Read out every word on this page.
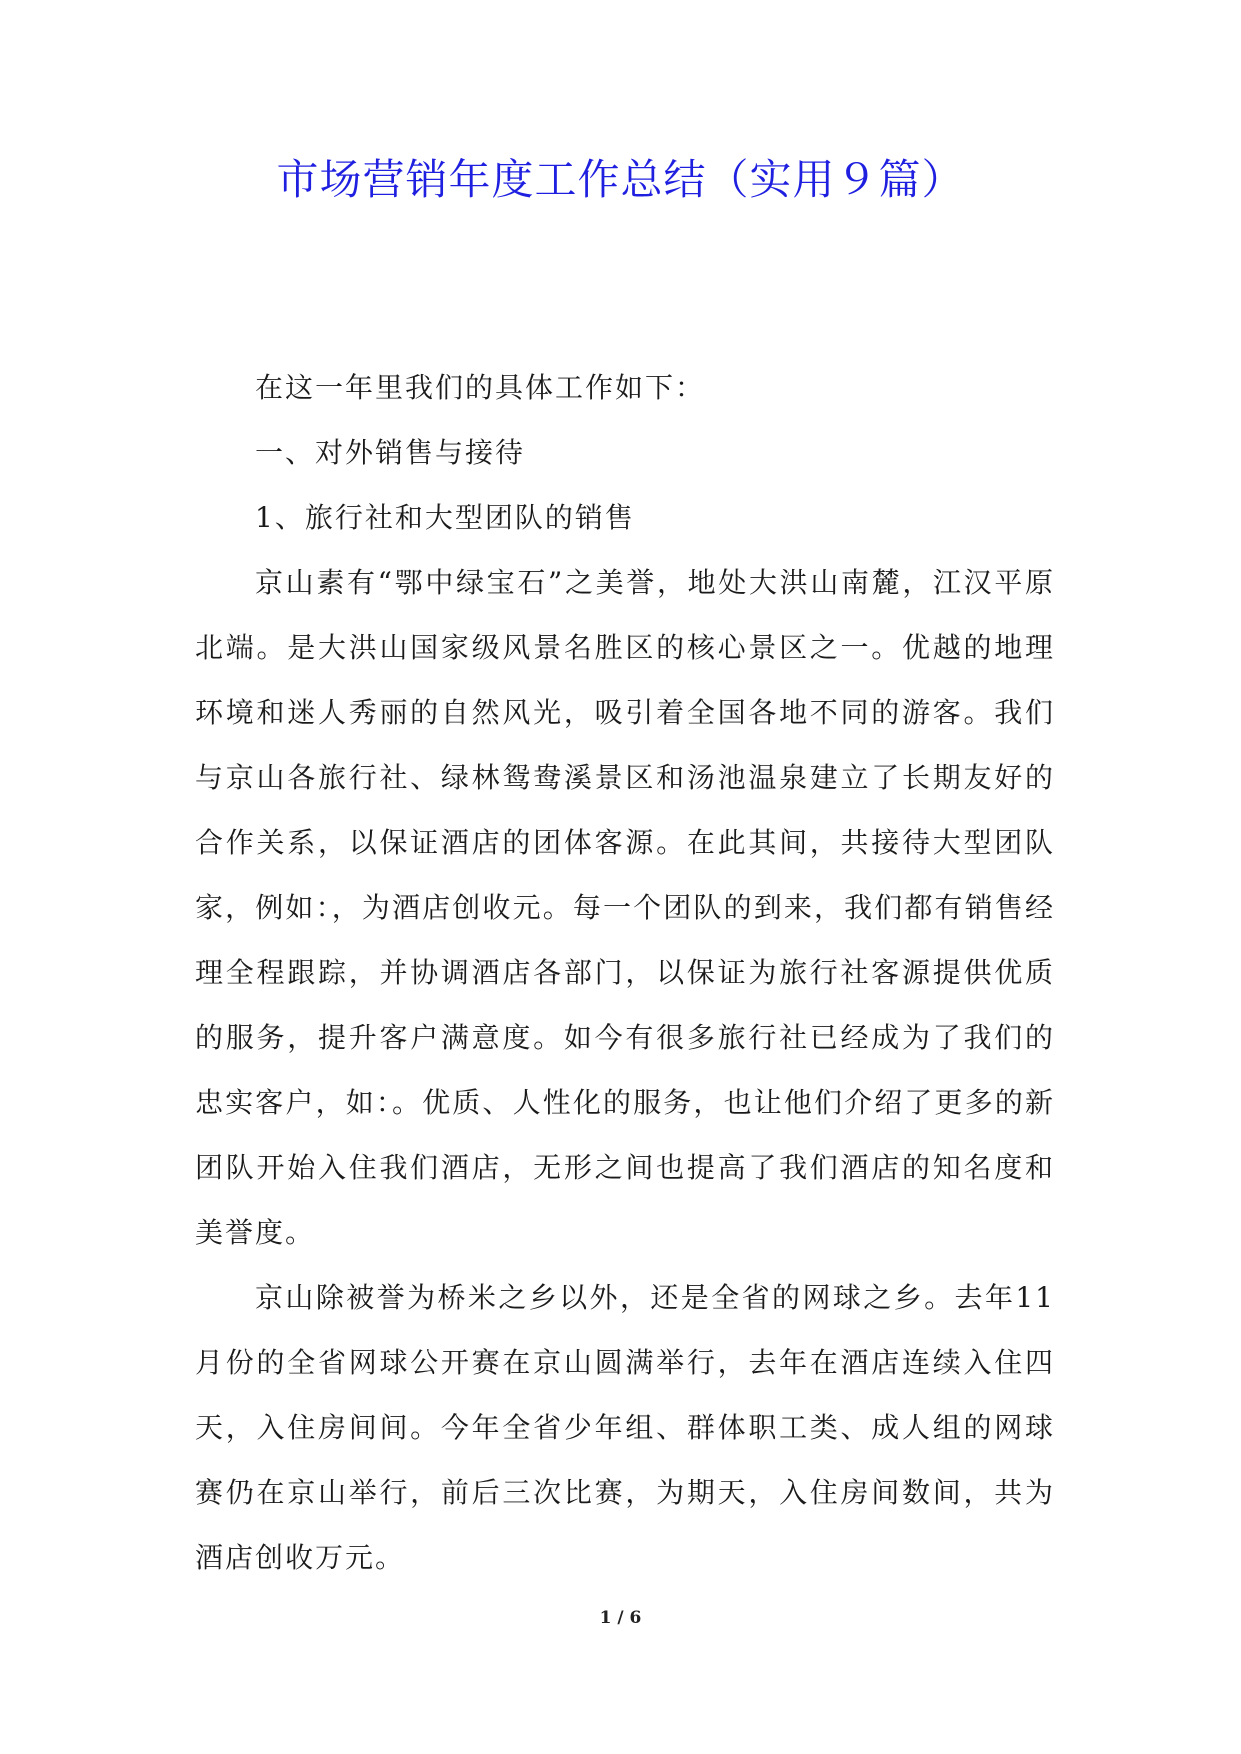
市场营销年度工作总结（实用９篇）

在这一年里我们的具体工作如下：

一、对外销售与接待

1、旅行社和大型团队的销售

京山素有“鄂中绿宝石”之美誉，地处大洪山南麓，江汉平原北端。是大洪山国家级风景名胜区的核心景区之一。优越的地理环境和迷人秀丽的自然风光，吸引着全国各地不同的游客。我们与京山各旅行社、绿林鸳鸯溪景区和汤池温泉建立了长期友好的合作关系，以保证酒店的团体客源。在此其间，共接待大型团队家，例如：，为酒店创收元。每一个团队的到来，我们都有销售经理全程跟踪，并协调酒店各部门，以保证为旅行社客源提供优质的服务，提升客户满意度。如今有很多旅行社已经成为了我们的忠实客户，如：。优质、人性化的服务，也让他们介绍了更多的新团队开始入住我们酒店，无形之间也提高了我们酒店的知名度和美誉度。

京山除被誉为桥米之乡以外，还是全省的网球之乡。去年11月份的全省网球公开赛在京山圆满举行，去年在酒店连续入住四天，入住房间间。今年全省少年组、群体职工类、成人组的网球赛仍在京山举行，前后三次比赛，为期天，入住房间数间，共为酒店创收万元。

1 / 6
